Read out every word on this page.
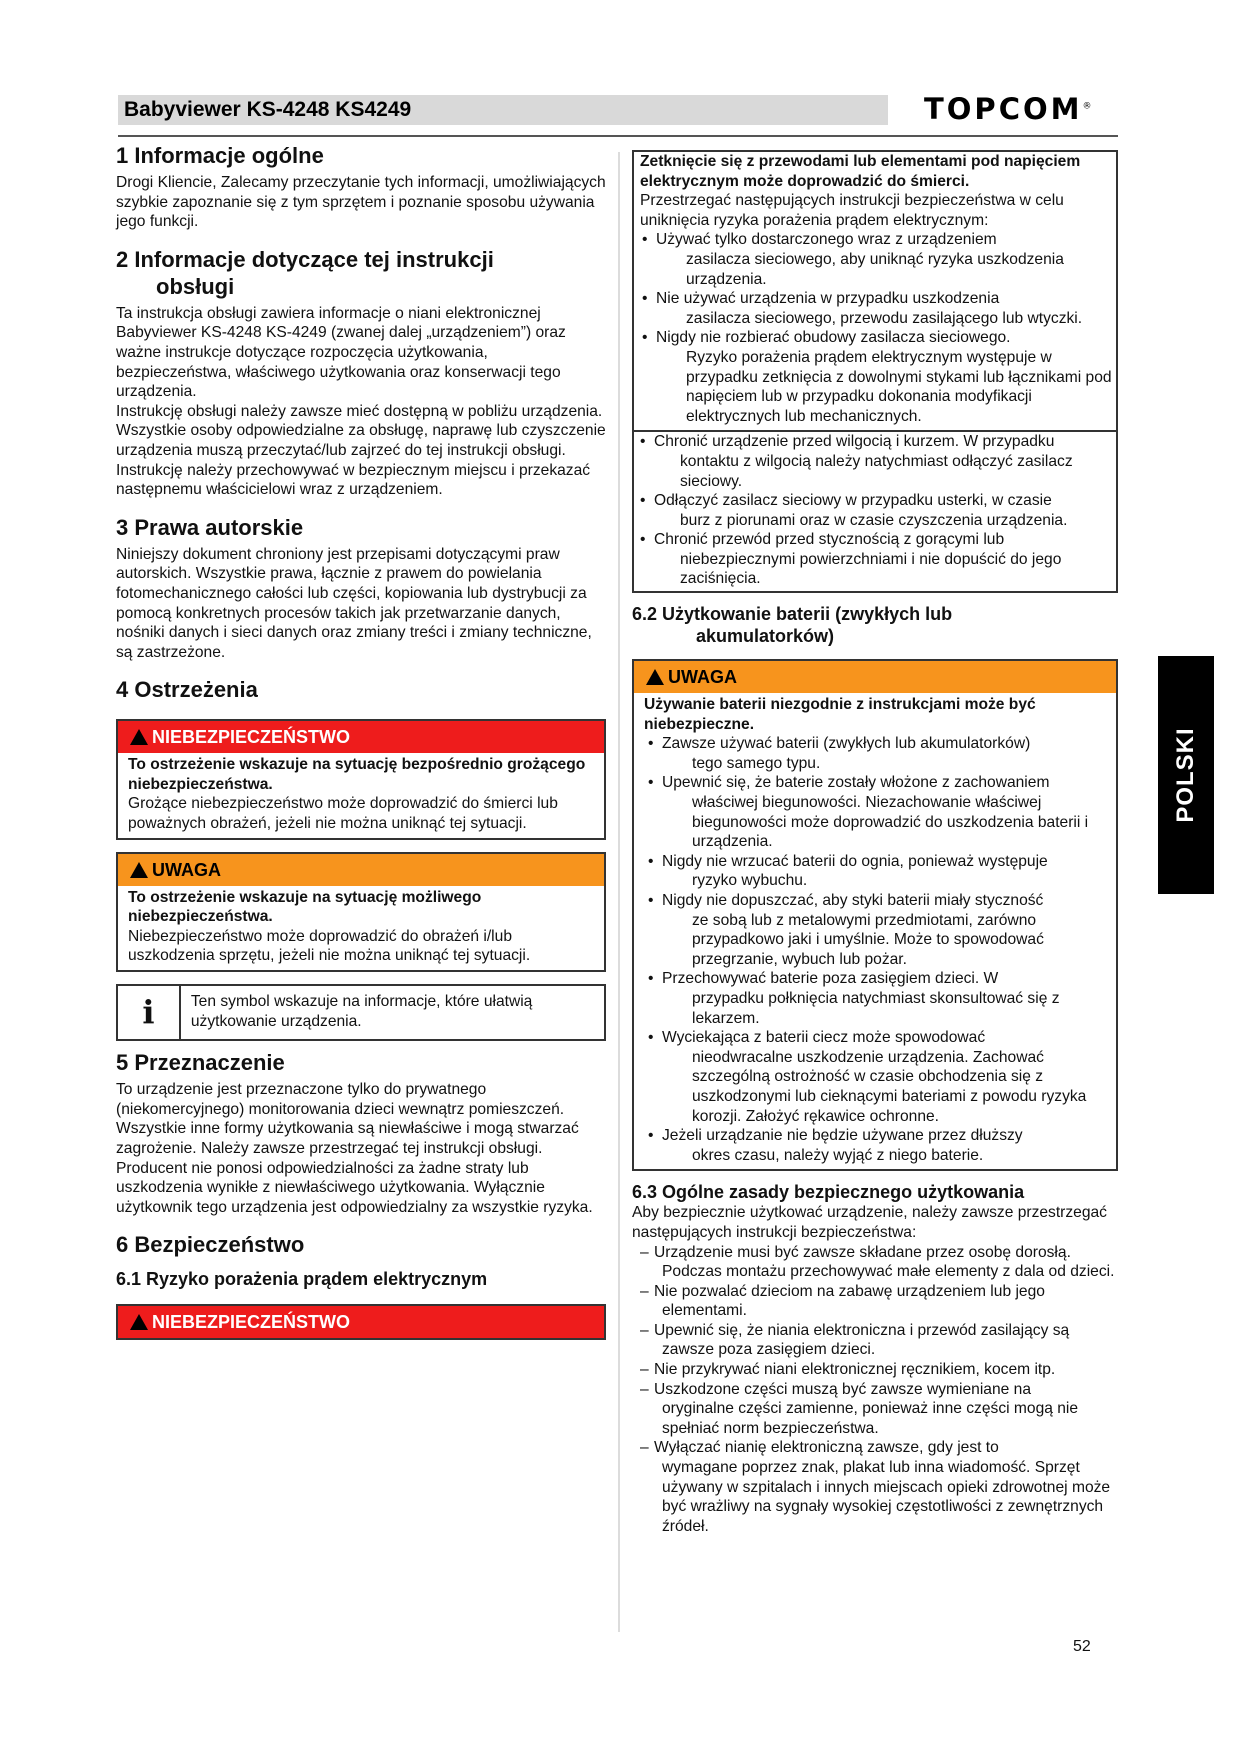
Babyviewer KS-4248 KS4249	TOPCOM®
1 Informacje ogólne

Drogi Kliencie, Zalecamy przeczytanie tych informacji, umożliwiających szybkie zapoznanie się z tym sprzętem i poznanie sposobu używania jego funkcji.

2 Informacje dotyczące tej instrukcji
obsługi

Ta instrukcja obsługi zawiera informacje o niani elektronicznej Babyviewer KS-4248 KS-4249 (zwanej dalej „urządzeniem”) oraz ważne instrukcje dotyczące rozpoczęcia użytkowania, bezpieczeństwa, właściwego użytkowania oraz konserwacji tego urządzenia.

Instrukcję obsługi należy zawsze mieć dostępną w pobliżu urządzenia. Wszystkie osoby odpowiedzialne za obsługę, naprawę lub czyszczenie urządzenia muszą przeczytać/lub zajrzeć do tej instrukcji obsługi.

Instrukcję należy przechowywać w bezpiecznym miejscu i przekazać następnemu właścicielowi wraz z urządzeniem.

3 Prawa autorskie

Niniejszy dokument chroniony jest przepisami dotyczącymi praw autorskich. Wszystkie prawa, łącznie z prawem do powielania fotomechanicznego całości lub części, kopiowania lub dystrybucji za pomocą konkretnych procesów takich jak przetwarzanie danych, nośniki danych i sieci danych oraz zmiany treści i zmiany techniczne, są zastrzeżone.

4 Ostrzeżenia
NIEBEZPIECZEŃSTWO

To ostrzeżenie wskazuje na sytuację bezpośrednio grożącego niebezpieczeństwa.

Grożące niebezpieczeństwo może doprowadzić do śmierci lub poważnych obrażeń, jeżeli nie można uniknąć tej sytuacji.

UWAGA

To ostrzeżenie wskazuje na sytuację możliwego niebezpieczeństwa.

Niebezpieczeństwo może doprowadzić do obrażeń i/lub uszkodzenia sprzętu, jeżeli nie można uniknąć tej sytuacji.

i	Ten symbol wskazuje na informacje, które ułatwią użytkowanie urządzenia.
5 Przeznaczenie

To urządzenie jest przeznaczone tylko do prywatnego (niekomercyjnego) monitorowania dzieci wewnątrz pomieszczeń. Wszystkie inne formy użytkowania są niewłaściwe i mogą stwarzać zagrożenie. Należy zawsze przestrzegać tej instrukcji obsługi. Producent nie ponosi odpowiedzialności za żadne straty lub uszkodzenia wynikłe z niewłaściwego użytkowania. Wyłącznie użytkownik tego urządzenia jest odpowiedzialny za wszystkie ryzyka.

6 Bezpieczeństwo
6.1 Ryzyko porażenia prądem elektrycznym
NIEBEZPIECZEŃSTWO

Zetknięcie się z przewodami lub elementami pod napięciem elektrycznym może doprowadzić do śmierci.

Przestrzegać następujących instrukcji bezpieczeństwa w celu uniknięcia ryzyka porażenia prądem elektrycznym:

• Używać tylko dostarczonego wraz z urządzeniem
zasilacza sieciowego, aby uniknąć ryzyka uszkodzenia urządzenia.
• Nie używać urządzenia w przypadku uszkodzenia
zasilacza sieciowego, przewodu zasilającego lub wtyczki.
• Nigdy nie rozbierać obudowy zasilacza sieciowego.
Ryzyko porażenia prądem elektrycznym występuje w przypadku zetknięcia z dowolnymi stykami lub łącznikami pod napięciem lub w przypadku dokonania modyfikacji elektrycznych lub mechanicznych.
• Chronić urządzenie przed wilgocią i kurzem. W przypadku
kontaktu z wilgocią należy natychmiast odłączyć zasilacz sieciowy.
• Odłączyć zasilacz sieciowy w przypadku usterki, w czasie
burz z piorunami oraz w czasie czyszczenia urządzenia.
• Chronić przewód przed stycznością z gorącymi lub
niebezpiecznymi powierzchniami i nie dopuścić do jego zaciśnięcia.
6.2 Użytkowanie baterii (zwykłych lub
akumulatorków)
UWAGA

Używanie baterii niezgodnie z instrukcjami może być niebezpieczne.

• Zawsze używać baterii (zwykłych lub akumulatorków)
tego samego typu.
• Upewnić się, że baterie zostały włożone z zachowaniem
właściwej biegunowości. Niezachowanie właściwej biegunowości może doprowadzić do uszkodzenia baterii i urządzenia.
• Nigdy nie wrzucać baterii do ognia, ponieważ występuje
ryzyko wybuchu.
• Nigdy nie dopuszczać, aby styki baterii miały styczność
ze sobą lub z metalowymi przedmiotami, zarówno przypadkowo jaki i umyślnie. Może to spowodować przegrzanie, wybuch lub pożar.
• Przechowywać baterie poza zasięgiem dzieci. W
przypadku połknięcia natychmiast skonsultować się z lekarzem.
• Wyciekająca z baterii ciecz może spowodować
nieodwracalne uszkodzenie urządzenia. Zachować szczególną ostrożność w czasie obchodzenia się z uszkodzonymi lub cieknącymi bateriami z powodu ryzyka korozji. Założyć rękawice ochronne.
• Jeżeli urządzanie nie będzie używane przez dłuższy
okres czasu, należy wyjąć z niego baterie.
6.3 Ogólne zasady bezpiecznego użytkowania

Aby bezpiecznie użytkować urządzenie, należy zawsze przestrzegać następujących instrukcji bezpieczeństwa:

– Urządzenie musi być zawsze składane przez osobę dorosłą.
Podczas montażu przechowywać małe elementy z dala od dzieci.
– Nie pozwalać dzieciom na zabawę urządzeniem lub jego
elementami.
– Upewnić się, że niania elektroniczna i przewód zasilający są
zawsze poza zasięgiem dzieci.
– Nie przykrywać niani elektronicznej ręcznikiem, kocem itp.
– Uszkodzone części muszą być zawsze wymieniane na
oryginalne części zamienne, ponieważ inne części mogą nie spełniać norm bezpieczeństwa.
– Wyłączać nianię elektroniczną zawsze, gdy jest to
wymagane poprzez znak, plakat lub inna wiadomość. Sprzęt używany w szpitalach i innych miejscach opieki zdrowotnej może być wrażliwy na sygnały wysokiej częstotliwości z zewnętrznych źródeł.
POLSKI
52
